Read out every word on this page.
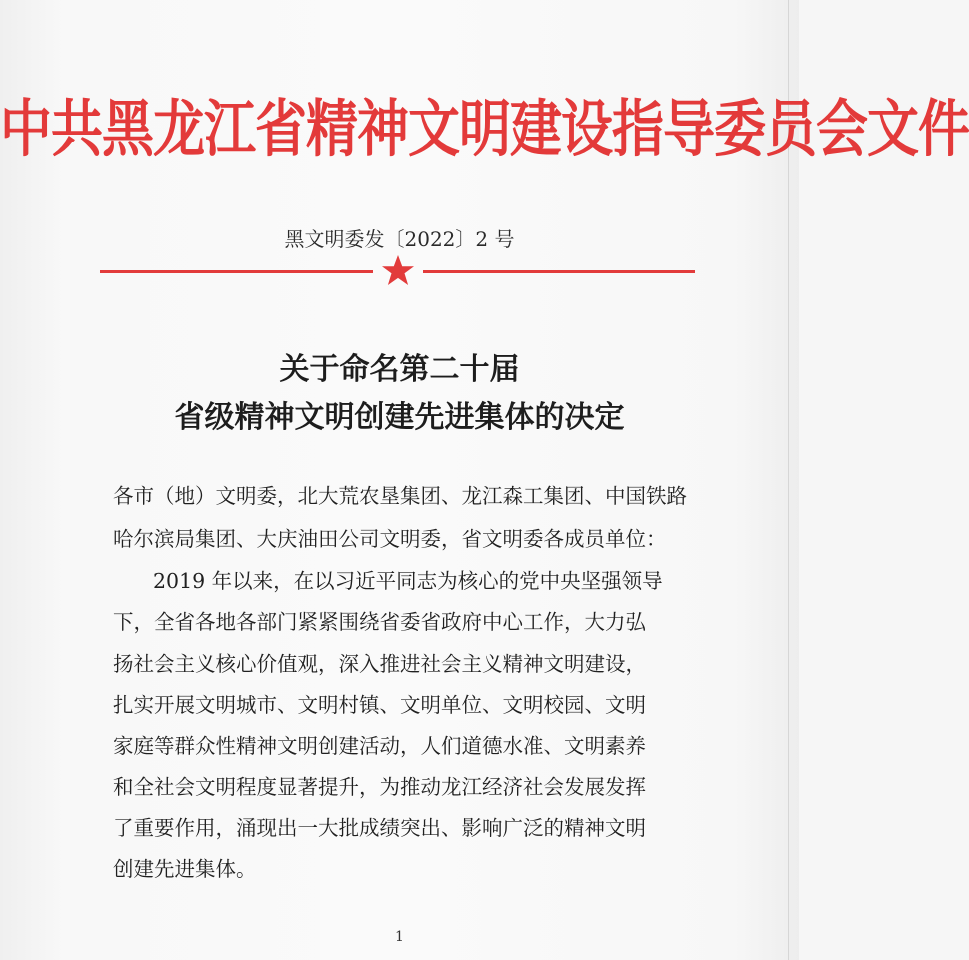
中共黑龙江省精神文明建设指导委员会文件
黑文明委发〔2022〕2 号
关于命名第二十届
省级精神文明创建先进集体的决定
各市（地）文明委，北大荒农垦集团、龙江森工集团、中国铁路
哈尔滨局集团、大庆油田公司文明委，省文明委各成员单位：
2019 年以来，在以习近平同志为核心的党中央坚强领导
下，全省各地各部门紧紧围绕省委省政府中心工作，大力弘
扬社会主义核心价值观，深入推进社会主义精神文明建设，
扎实开展文明城市、文明村镇、文明单位、文明校园、文明
家庭等群众性精神文明创建活动，人们道德水准、文明素养
和全社会文明程度显著提升，为推动龙江经济社会发展发挥
了重要作用，涌现出一大批成绩突出、影响广泛的精神文明
创建先进集体。
1
